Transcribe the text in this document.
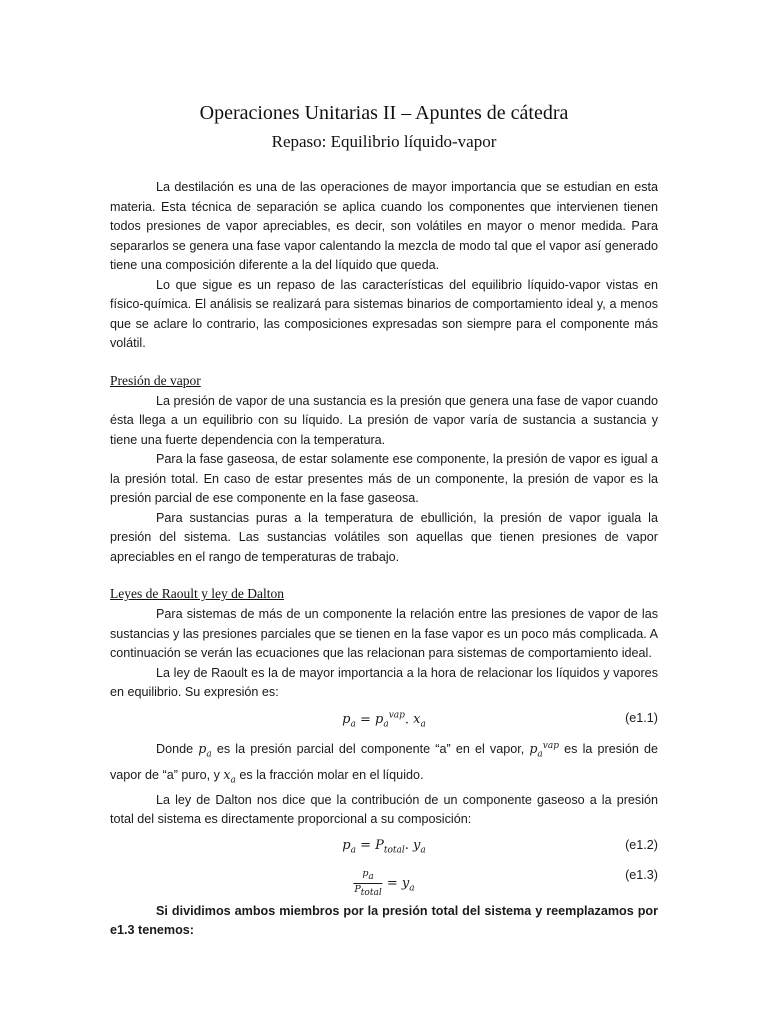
Operaciones Unitarias II – Apuntes de cátedra
Repaso: Equilibrio líquido-vapor

La destilación es una de las operaciones de mayor importancia que se estudian en esta materia. Esta técnica de separación se aplica cuando los componentes que intervienen tienen todos presiones de vapor apreciables, es decir, son volátiles en mayor o menor medida. Para separarlos se genera una fase vapor calentando la mezcla de modo tal que el vapor así generado tiene una composición diferente a la del líquido que queda.

Lo que sigue es un repaso de las características del equilibrio líquido-vapor vistas en físico-química. El análisis se realizará para sistemas binarios de comportamiento ideal y, a menos que se aclare lo contrario, las composiciones expresadas son siempre para el componente más volátil.

Presión de vapor

La presión de vapor de una sustancia es la presión que genera una fase de vapor cuando ésta llega a un equilibrio con su líquido. La presión de vapor varía de sustancia a sustancia y tiene una fuerte dependencia con la temperatura.

Para la fase gaseosa, de estar solamente ese componente, la presión de vapor es igual a la presión total. En caso de estar presentes más de un componente, la presión de vapor es la presión parcial de ese componente en la fase gaseosa.

Para sustancias puras a la temperatura de ebullición, la presión de vapor iguala la presión del sistema. Las sustancias volátiles son aquellas que tienen presiones de vapor apreciables en el rango de temperaturas de trabajo.

Leyes de Raoult y ley de Dalton

Para sistemas de más de un componente la relación entre las presiones de vapor de las sustancias y las presiones parciales que se tienen en la fase vapor es un poco más complicada. A continuación se verán las ecuaciones que las relacionan para sistemas de comportamiento ideal.

La ley de Raoult es la de mayor importancia a la hora de relacionar los líquidos y vapores en equilibrio. Su expresión es:

$p_a = p_a^{vap}$. $x_a$	(e1.1)

Donde $p_a$ es la presión parcial del componente “a” en el vapor, $p_a^{vap}$ es la presión de vapor de “a” puro, y $x_a$ es la fracción molar en el líquido.

La ley de Dalton nos dice que la contribución de un componente gaseoso a la presión total del sistema es directamente proporcional a su composición:

$p_a = P_{total}$. $y_a$	(e1.2)
$\frac{p_a}{P_{total}} = y_a$
(e1.3)

Si dividimos ambos miembros por la presión total del sistema y reemplazamos por e1.3 tenemos:
